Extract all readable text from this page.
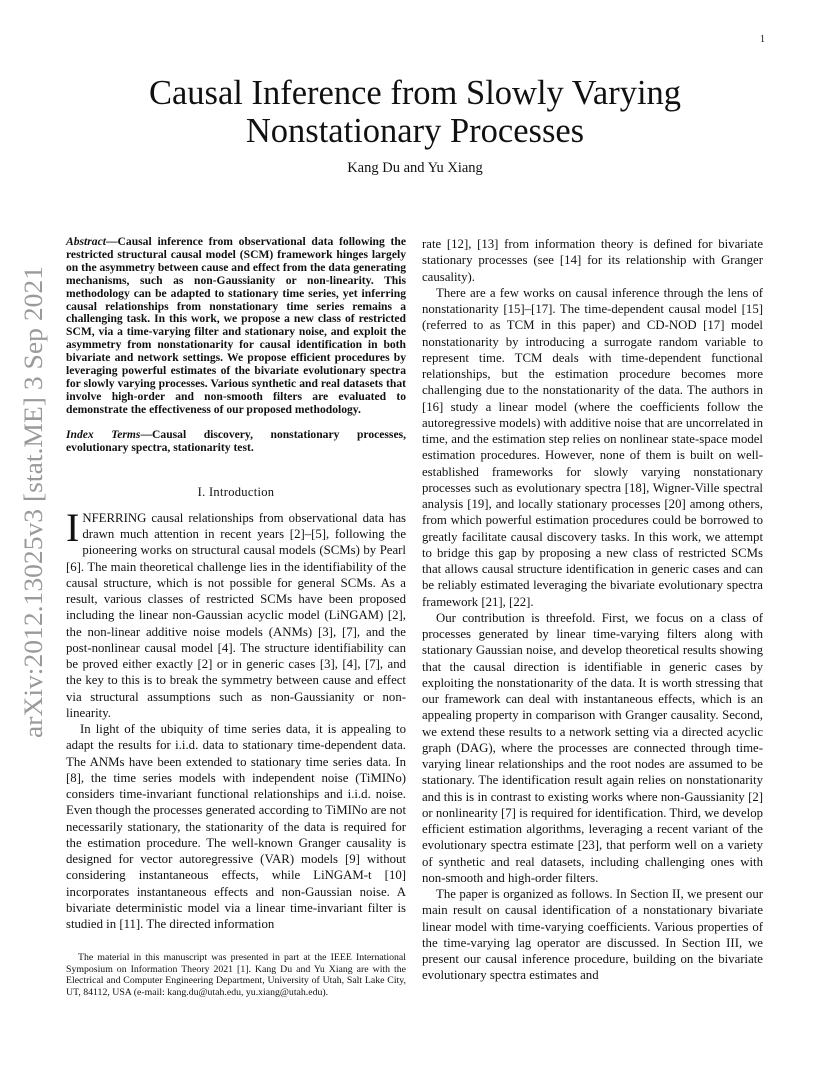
1
arXiv:2012.13025v3 [stat.ME] 3 Sep 2021
Causal Inference from Slowly Varying
Nonstationary Processes
Kang Du and Yu Xiang

Abstract—Causal inference from observational data following the restricted structural causal model (SCM) framework hinges largely on the asymmetry between cause and effect from the data generating mechanisms, such as non-Gaussianity or non-linearity. This methodology can be adapted to stationary time series, yet inferring causal relationships from nonstationary time series remains a challenging task. In this work, we propose a new class of restricted SCM, via a time-varying filter and stationary noise, and exploit the asymmetry from nonstationarity for causal identification in both bivariate and network settings. We propose efficient procedures by leveraging powerful estimates of the bivariate evolutionary spectra for slowly varying processes. Various synthetic and real datasets that involve high-order and non-smooth filters are evaluated to demonstrate the effectiveness of our proposed methodology.

Index Terms—Causal discovery, nonstationary processes, evolutionary spectra, stationarity test.

I. Introduction

INFERRING causal relationships from observational data has drawn much attention in recent years [2]–[5], following the pioneering works on structural causal models (SCMs) by Pearl [6]. The main theoretical challenge lies in the identifiability of the causal structure, which is not possible for general SCMs. As a result, various classes of restricted SCMs have been proposed including the linear non-Gaussian acyclic model (LiNGAM) [2], the non-linear additive noise models (ANMs) [3], [7], and the post-nonlinear causal model [4]. The structure identifiability can be proved either exactly [2] or in generic cases [3], [4], [7], and the key to this is to break the symmetry between cause and effect via structural assumptions such as non-Gaussianity or non-linearity.

In light of the ubiquity of time series data, it is appealing to adapt the results for i.i.d. data to stationary time-dependent data. The ANMs have been extended to stationary time series data. In [8], the time series models with independent noise (TiMINo) considers time-invariant functional relationships and i.i.d. noise. Even though the processes generated according to TiMINo are not necessarily stationary, the stationarity of the data is required for the estimation procedure. The well-known Granger causality is designed for vector autoregressive (VAR) models [9] without considering instantaneous effects, while LiNGAM-t [10] incorporates instantaneous effects and non-Gaussian noise. A bivariate deterministic model via a linear time-invariant filter is studied in [11]. The directed information

The material in this manuscript was presented in part at the IEEE International Symposium on Information Theory 2021 [1]. Kang Du and Yu Xiang are with the Electrical and Computer Engineering Department, University of Utah, Salt Lake City, UT, 84112, USA (e-mail: kang.du@utah.edu, yu.xiang@utah.edu).

rate [12], [13] from information theory is defined for bivariate stationary processes (see [14] for its relationship with Granger causality).

There are a few works on causal inference through the lens of nonstationarity [15]–[17]. The time-dependent causal model [15] (referred to as TCM in this paper) and CD-NOD [17] model nonstationarity by introducing a surrogate random variable to represent time. TCM deals with time-dependent functional relationships, but the estimation procedure becomes more challenging due to the nonstationarity of the data. The authors in [16] study a linear model (where the coefficients follow the autoregressive models) with additive noise that are uncorrelated in time, and the estimation step relies on nonlinear state-space model estimation procedures. However, none of them is built on well-established frameworks for slowly varying nonstationary processes such as evolutionary spectra [18], Wigner-Ville spectral analysis [19], and locally stationary processes [20] among others, from which powerful estimation procedures could be borrowed to greatly facilitate causal discovery tasks. In this work, we attempt to bridge this gap by proposing a new class of restricted SCMs that allows causal structure identification in generic cases and can be reliably estimated leveraging the bivariate evolutionary spectra framework [21], [22].

Our contribution is threefold. First, we focus on a class of processes generated by linear time-varying filters along with stationary Gaussian noise, and develop theoretical results showing that the causal direction is identifiable in generic cases by exploiting the nonstationarity of the data. It is worth stressing that our framework can deal with instantaneous effects, which is an appealing property in comparison with Granger causality. Second, we extend these results to a network setting via a directed acyclic graph (DAG), where the processes are connected through time-varying linear relationships and the root nodes are assumed to be stationary. The identification result again relies on nonstationarity and this is in contrast to existing works where non-Gaussianity [2] or nonlinearity [7] is required for identification. Third, we develop efficient estimation algorithms, leveraging a recent variant of the evolutionary spectra estimate [23], that perform well on a variety of synthetic and real datasets, including challenging ones with non-smooth and high-order filters.

The paper is organized as follows. In Section II, we present our main result on causal identification of a nonstationary bivariate linear model with time-varying coefficients. Various properties of the time-varying lag operator are discussed. In Section III, we present our causal inference procedure, building on the bivariate evolutionary spectra estimates and
